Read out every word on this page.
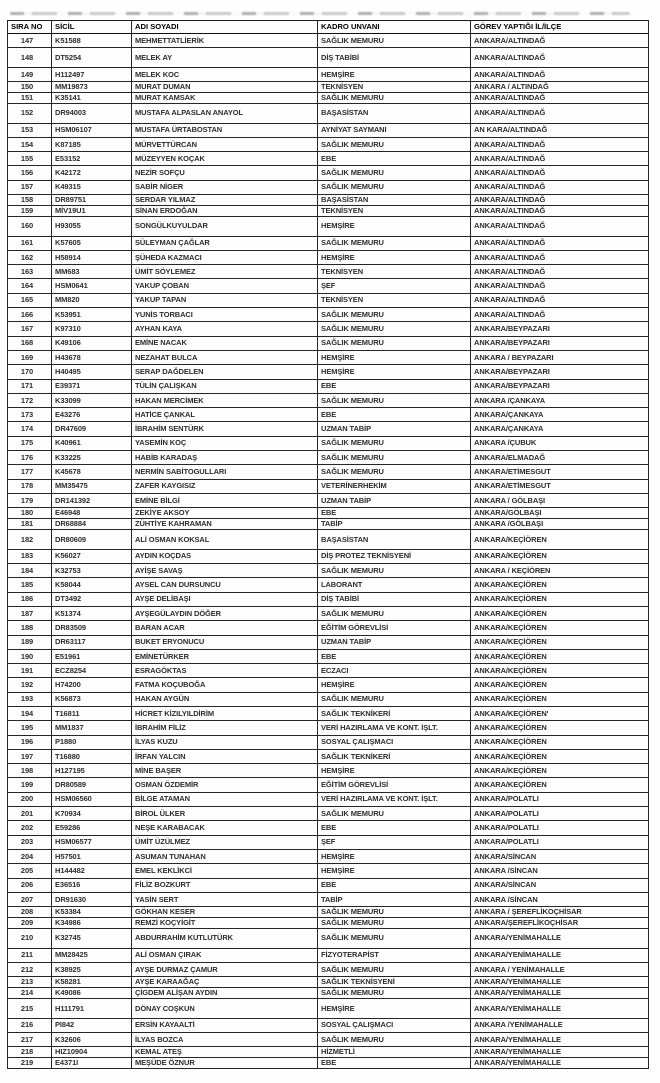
SIRA NO	SİCİL	ADI SOYADI	KADRO UNVANI	GÖREV YAPTIĞI İL/İLÇE
147	K51588	MEHMETTATLİERİK	SAĞLIK MEMURU	ANKARA/ALTINDAĞ
148	DT5254	MELEK AY	DİŞ TABİBİ	ANKARA/ALTINDAĞ
149	H112497	MELEK KOC	HEMŞİRE	ANKARA/ALTINDAĞ
150	MM19873	MURAT DUMAN	TEKNİSYEN	ANKARA / ALTINDAĞ
151	K35141	MURAT KAMSAK	SAĞLIK MEMURU	ANKARA/ALTINDAĞ
152	DR94003	MUSTAFA ALPASLAN ANAYOL	BAŞASİSTAN	ANKARA/ALTINDAĞ
153	HSM06107	MUSTAFA ÜRTABOSTAN	AYNİYAT SAYMANI	AN KARA/ALTINDAĞ
154	K87185	MÜRVETTÜRCAN	SAĞLIK MEMURU	ANKARA/ALTINDAĞ
155	E53152	MÜZEYYEN KOÇAK	EBE	ANKARA/ALTINDAĞ
156	K42172	NEZİR SOFÇU	SAĞLIK MEMURU	ANKARA/ALTINDAĞ
157	K49315	SABİR NİGER	SAĞLIK MEMURU	ANKARA/ALTINDAĞ
158	DR89751	SERDAR YILMAZ	BAŞASİSTAN	ANKARA/ALTINDAĞ
159	MİV19U1	SİNAN ERDOĞAN	TEKNİSYEN	ANKARA/ALTINDAĞ
160	H93055	SONGÜLKUYULDAR	HEMŞİRE	ANKARA/ALTINDAĞ
161	K57605	SÜLEYMAN ÇAĞLAR	SAĞLIK MEMURU	ANKARA/ALTINDAĞ
162	H58914	ŞÜHEDA KAZMACI	HEMŞİRE	ANKARA/ALTINDAĞ
163	MM683	ÜMİT SÖYLEMEZ	TEKNİSYEN	ANKARA/ALTINDAĞ
164	HSM0641	YAKUP ÇOBAN	ŞEF	ANKARA/ALTINDAĞ
165	MM820	YAKUP TAPAN	TEKNİSYEN	ANKARA/ALTINDAĞ
166	K53951	YUNİS TORBACI	SAĞLIK MEMURU	ANKARA/ALTINDAĞ
167	K97310	AYHAN KAYA	SAĞLIK MEMURU	ANKARA/BEYPAZARI
168	K49106	EMİNE NACAK	SAĞLIK MEMURU	ANKARA/BEYPAZARI
169	H43678	NEZAHAT BULCA	HEMŞİRE	ANKARA / BEYPAZARI
170	H40495	SERAP DAĞDELEN	HEMŞİRE	ANKARA/BEYPAZARI
171	E39371	TÜLİN ÇALIŞKAN	EBE	ANKARA/BEYPAZARI
172	K33099	HAKAN MERCİMEK	SAĞLIK MEMURU	ANKARA /ÇANKAYA
173	E43276	HATİCE ÇANKAL	EBE	ANKARA/ÇANKAYA
174	DR47609	İBRAHİM SENTÜRK	UZMAN TABİP	ANKARA/ÇANKAYA
175	K40961	YASEMİN KOÇ	SAĞLIK MEMURU	ANKARA /ÇUBUK
176	K33225	HABİB KARADAŞ	SAĞLIK MEMURU	ANKARA/ELMADAĞ
177	K45678	NERMİN SABİTOGULLARI	SAĞLIK MEMURU	ANKARA/ETİMESGUT
178	MM35475	ZAFER KAYGISIZ	VETERİNERHEKİM	ANKARA/ETİMESGUT
179	DR141392	EMİNE BİLGİ	UZMAN TABİP	ANKARA / GÖLBAŞI
180	E46948	ZEKİYE AKSOY	EBE	ANKARA/GÖLBAŞI
181	DR68884	ZÜHTİYE KAHRAMAN	TABİP	ANKARA /GÖLBAŞI
182	DR80609	ALİ OSMAN KOKSAL	BAŞASİSTAN	ANKARA/KEÇİÖREN
183	K56027	AYDIN KOÇDAS	DİŞ PROTEZ TEKNİSYENİ	ANKARA/KEÇİÖREN
184	K32753	AYİŞE SAVAŞ	SAĞLIK MEMURU	ANKARA / KEÇİÖREN
185	K58044	AYSEL CAN DURSUNCU	LABORANT	ANKARA/KEÇİÖREN
186	DT3492	AYŞE DELİBAŞI	DİŞ TABİBİ	ANKARA/KEÇİÖREN
187	K51374	AYŞEGÜLAYDIN DÖĞER	SAĞLIK MEMURU	ANKARA/KEÇİÖREN
188	DR83509	BARAN ACAR	EĞİTİM GÖREVLİSİ	ANKARA/KEÇİÖREN
189	DR63117	BUKET ERYONUCU	UZMAN TABİP	ANKARA/KEÇİÖREN
190	E51961	EMİNETÜRKER	EBE	ANKARA/KEÇİÖREN
191	ECZ8254	ESRAGÖKTAS	ECZACI	ANKARA/KEÇİÖREN
192	H74200	FATMA KOÇUBOĞA	HEMŞİRE	ANKARA/KEÇİÖREN
193	K56873	HAKAN AYGÜN	SAĞLIK MEMURU	ANKARA/KEÇİÖREN
194	T16811	HİCRET KİZILYILDİRİM	SAĞLIK TEKNİKERİ	ANKARA/KEÇİÖREN'
195	MM1837	İBRAHİM FİLİZ	VERİ HAZIRLAMA VE KONT. İŞLT.	ANKARA/KEÇİÖREN
196	P1880	İLYAS KUZU	SOSYAL ÇALIŞMACI	ANKARA/KEÇİÖREN
197	T16880	İRFAN YALCIN	SAĞLIK TEKNİKERİ	ANKARA/KEÇİÖREN
198	H127195	MİNE BAŞER	HEMŞİRE	ANKARA/KEÇİÖREN
199	DR80589	OSMAN ÖZDEMİR	EĞİTİM GÖREVLİSİ	ANKARA/KEÇİÖREN
200	HSM06560	BİLGE ATAMAN	VERİ HAZIRLAMA VE KONT. İŞLT.	ANKARA/POLATLI
201	K70934	BİROL ÜLKER	SAĞLIK MEMURU	ANKARA/POLATLI
202	E59286	NEŞE KARABACAK	EBE	ANKARA/POLATLI
203	HSM06577	ÜMİT ÜZÜLMEZ	ŞEF	ANKARA/POLATLI
204	H57501	ASUMAN TUNAHAN	HEMŞİRE	ANKARA/SİNCAN
205	H144482	EMEL KEKLİKCİ	HEMŞİRE	ANKARA /SİNCAN
206	E36516	FİLİZ BOZKURT	EBE	ANKARA/SİNCAN
207	DR91630	YASİN SERT	TABİP	ANKARA /SİNCAN
208	K53384	GÖKHAN KESER	SAĞLIK MEMURU	ANKARA / ŞEREFLİKOÇHİSAR
209	K34986	REMZİ KOÇYİGİT	SAĞLIK MEMURU	ANKARA/ŞEREFLİKOÇHİSAR
210	K32745	ABDURRAHİM KUTLUTÜRK	SAĞLIK MEMURU	ANKARA/YENİMAHALLE
211	MM28425	ALİ OSMAN ÇIRAK	FİZYOTERAPİST	ANKARA/YENİMAHALLE
212	K38925	AYŞE DURMAZ ÇAMUR	SAĞLIK MEMURU	ANKARA / YENİMAHALLE
213	K58281	AYŞE KARAAĞAÇ	SAĞLIK TEKNİSYENİ	ANKARA/YENİMAHALLE
214	K49086	ÇİGDEM ALİŞAN AYDIN	SAĞLIK MEMURU	ANKARA/YENİMAHALLE
215	H111791	DÖNAY COŞKUN	HEMŞİRE	ANKARA/YENİMAHALLE
216	PI842	ERSİN KAYAALTİ	SOSYAL ÇALIŞMACI	ANKARA /YENİMAHALLE
217	K32606	İLYAS BOZCA	SAĞLIK MEMURU	ANKARA/YENİMAHALLE
218	HIZ10904	KEMAL ATEŞ	HİZMETLİ	ANKARA/YENİMAHALLE
219	E4371I	MEŞÜDE ÖZNUR	EBE	ANKARA/YENİMAHALLE
